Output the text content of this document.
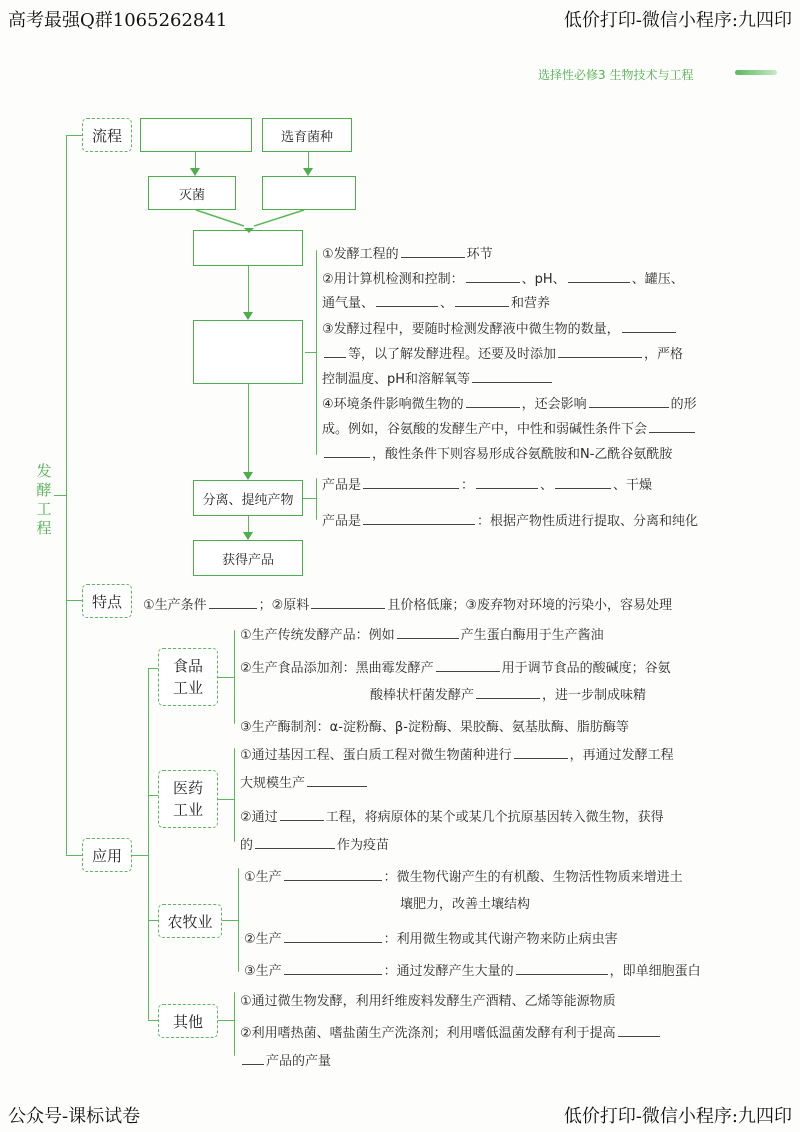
高考最强Q群1065262841	低价打印-微信小程序:九四印
公众号-课标试卷	低价打印-微信小程序:九四印
选择性必修3 生物技术与工程
发酵工程
流程
特点
应用
选育菌种
灭菌
分离、提纯产物
获得产品
①发酵工程的	环节
②用计算机检测和控制：	、pH、	、罐压、
通气量、	、	和营养
③发酵过程中，要随时检测发酵液中微生物的数量，
等，以了解发酵进程。还要及时添加	，严格
控制温度、pH和溶解氧等
④环境条件影响微生物的	，还会影响	的形
成。例如，谷氨酸的发酵生产中，中性和弱碱性条件下会
，酸性条件下则容易形成谷氨酰胺和N-乙酰谷氨酰胺
产品是	：	、	、干燥
产品是	：根据产物性质进行提取、分离和纯化
①生产条件	；②原料	且价格低廉；③废弃物对环境的污染小，容易处理
食品
工业
医药
工业
农牧业
其他
①生产传统发酵产品：例如	产生蛋白酶用于生产酱油
②生产食品添加剂：黑曲霉发酵产	用于调节食品的酸碱度；谷氨
酸棒状杆菌发酵产	，进一步制成味精
③生产酶制剂：α-淀粉酶、β-淀粉酶、果胶酶、氨基肽酶、脂肪酶等
①通过基因工程、蛋白质工程对微生物菌种进行	，再通过发酵工程
大规模生产
②通过	工程，将病原体的某个或某几个抗原基因转入微生物，获得
的	作为疫苗
①生产	：微生物代谢产生的有机酸、生物活性物质来增进土
壤肥力，改善土壤结构
②生产	：利用微生物或其代谢产物来防止病虫害
③生产	：通过发酵产生大量的	，即单细胞蛋白
①通过微生物发酵，利用纤维废料发酵生产酒精、乙烯等能源物质
②利用嗜热菌、嗜盐菌生产洗涤剂；利用嗜低温菌发酵有利于提高
产品的产量
